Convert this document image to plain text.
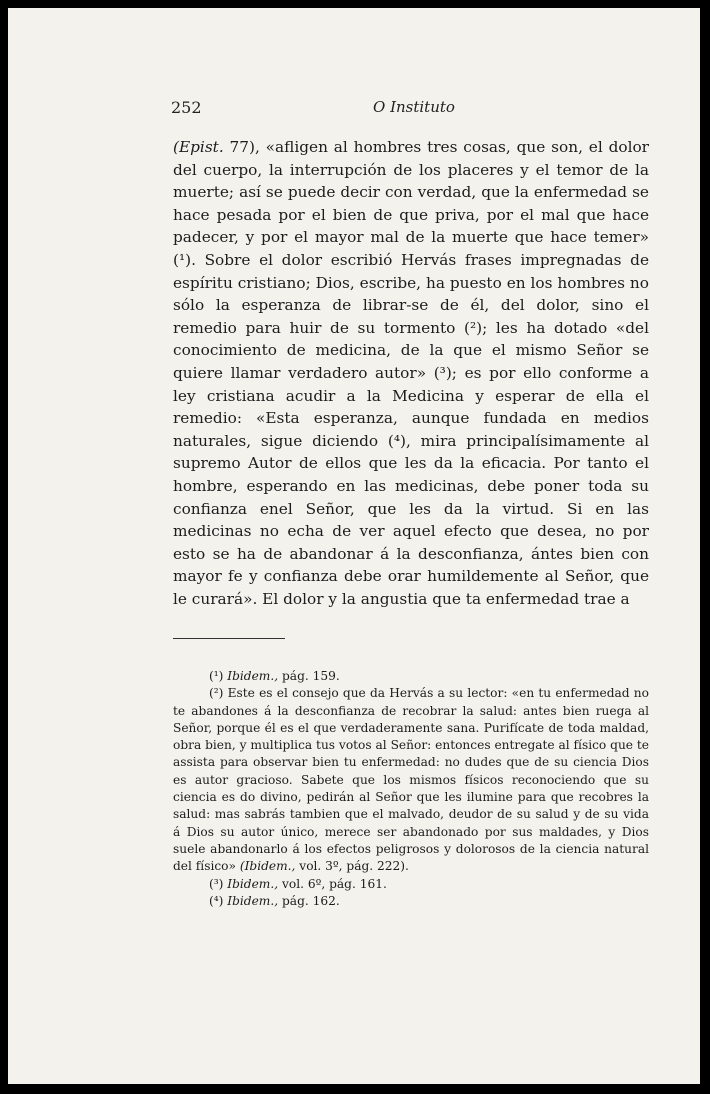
252	O Instituto
(Epist. 77), «afligen al hombres tres cosas, que son, el dolor del cuerpo, la interrupción de los placeres y el temor de la muerte; así se puede decir con verdad, que la enfermedad se hace pesada por el bien de que priva, por el mal que hace padecer, y por el mayor mal de la muerte que hace temer» (¹). Sobre el dolor escribió Hervás frases impregnadas de espíritu cristiano; Dios, escribe, ha puesto en los hombres no sólo la esperanza de librar-se de él, del dolor, sino el remedio para huir de su tormento (²); les ha dotado «del conocimiento de medicina, de la que el mismo Señor se quiere llamar verdadero autor» (³); es por ello conforme a ley cristiana acudir a la Medicina y esperar de ella el remedio: «Esta esperanza, aunque fundada en medios naturales, sigue diciendo (⁴), mira principalísimamente al supremo Autor de ellos que les da la eficacia. Por tanto el hombre, esperando en las medicinas, debe poner toda su confianza enel Señor, que les da la virtud. Si en las medicinas no echa de ver aquel efecto que desea, no por esto se ha de abandonar á la desconfianza, ántes bien con mayor fe y confianza debe orar humildemente al Señor, que le curará». El dolor y la angustia que ta enfermedad trae a

(¹) Ibidem., pág. 159.

(²) Este es el consejo que da Hervás a su lector: «en tu enfermedad no te abandones á la desconfianza de recobrar la salud: antes bien ruega al Señor, porque él es el que verdaderamente sana. Purifícate de toda maldad, obra bien, y multiplica tus votos al Señor: entonces entregate al físico que te assista para observar bien tu enfermedad: no dudes que de su ciencia Dios es autor gracioso. Sabete que los mismos físicos reconociendo que su ciencia es do divino, pedirán al Señor que les ilumine para que recobres la salud: mas sabrás tambien que el malvado, deudor de su salud y de su vida á Dios su autor único, merece ser abandonado por sus maldades, y Dios suele abandonarlo á los efectos peligrosos y dolorosos de la ciencia natural del físico» (Ibidem., vol. 3º, pág. 222).

(³) Ibidem., vol. 6º, pág. 161.

(⁴) Ibidem., pág. 162.
